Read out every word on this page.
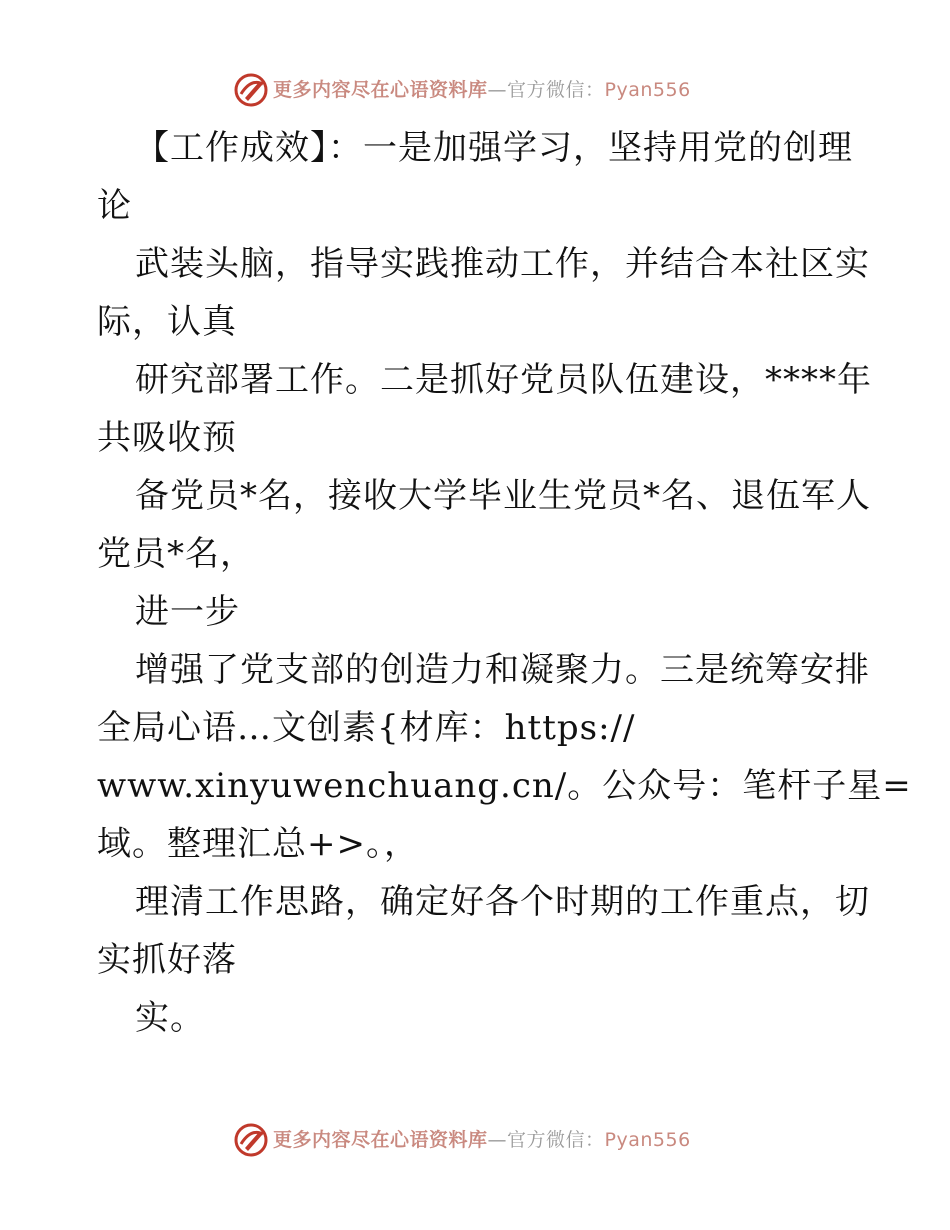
更多内容尽在心语资料库—官方微信：Pyan556
【工作成效】：一是加强学习，坚持用党的创理
论
武装头脑，指导实践推动工作，并结合本社区实
际，认真
研究部署工作。二是抓好党员队伍建设，****年
共吸收预
备党员*名，接收大学毕业生党员*名、退伍军人
党员*名，
进一步
增强了党支部的创造力和凝聚力。三是统筹安排
全局心语…文创素{材库：https://
www.xinyuwenchuang.cn/。公众号：笔杆子星=
域。整理汇总+>。，
理清工作思路，确定好各个时期的工作重点，切
实抓好落
实。
更多内容尽在心语资料库—官方微信：Pyan556
